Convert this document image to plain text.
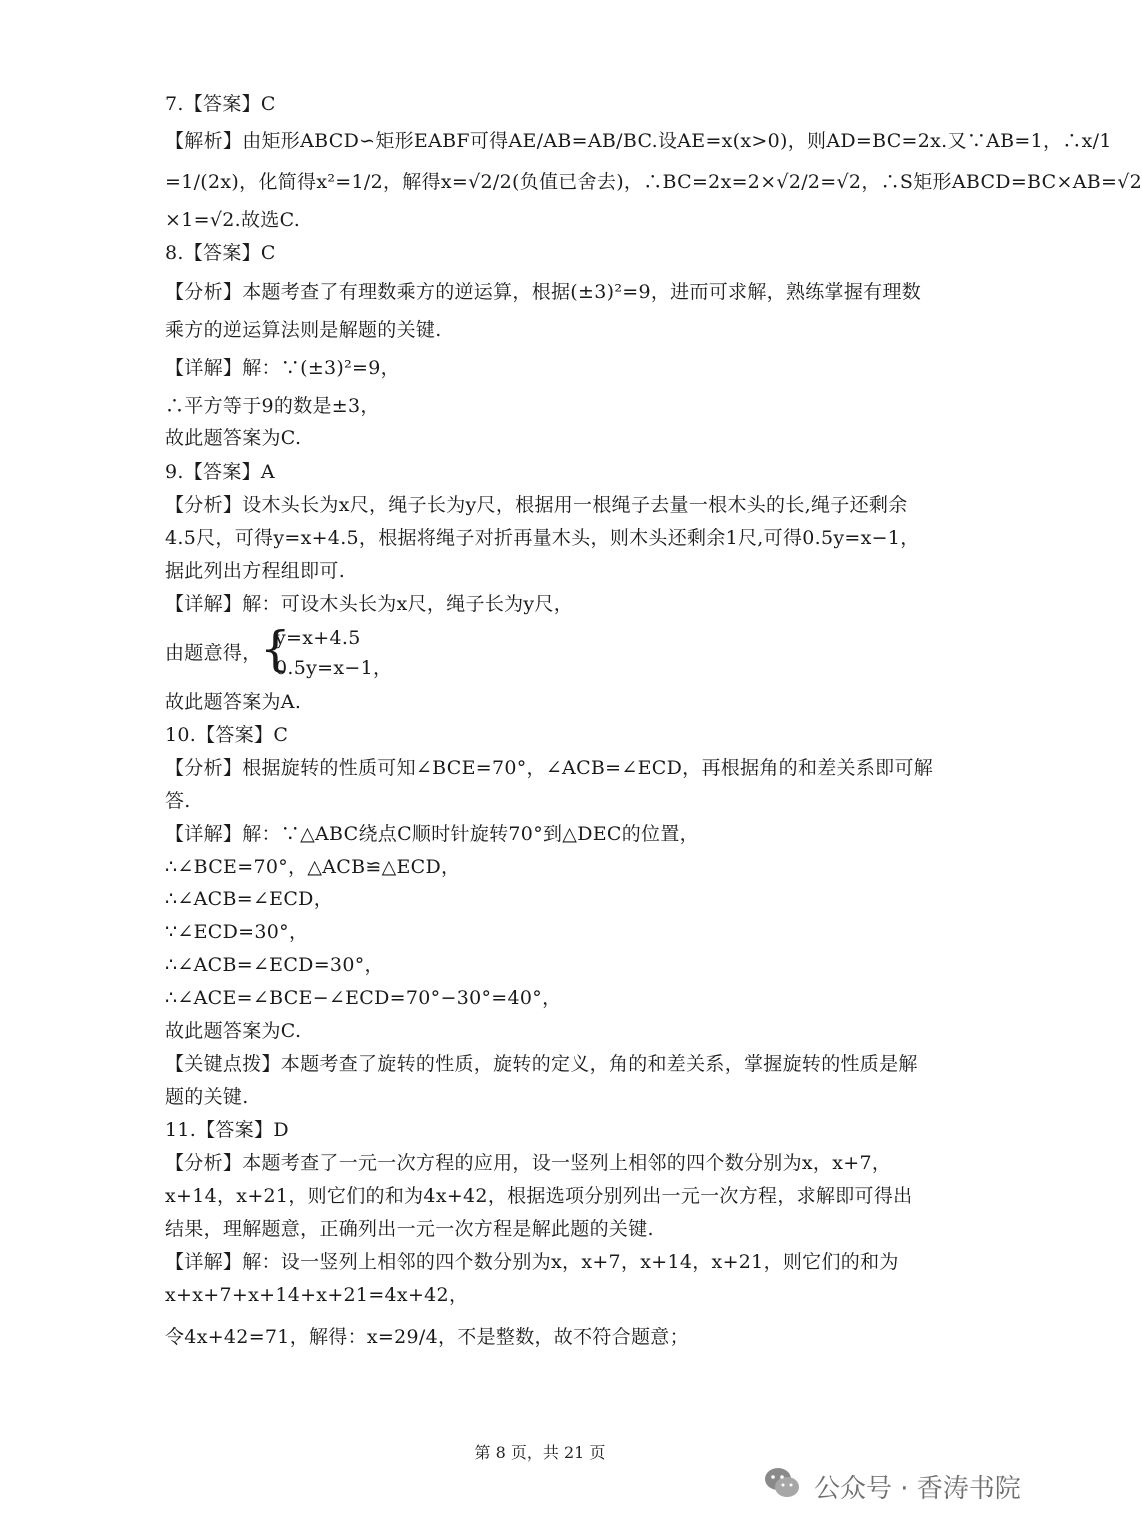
7.【答案】C
【解析】由矩形ABCD∽矩形EABF可得AE/AB=AB/BC.设AE=x(x>0)，则AD=BC=2x.又∵AB=1，∴x/1
=1/(2x)，化简得x²=1/2，解得x=√2/2(负值已舍去)，∴BC=2x=2×√2/2=√2，∴S矩形ABCD=BC×AB=√2
×1=√2.故选C.
8.【答案】C
【分析】本题考查了有理数乘方的逆运算，根据(±3)²=9，进而可求解，熟练掌握有理数
乘方的逆运算法则是解题的关键.
【详解】解：∵(±3)²=9，
∴平方等于9的数是±3，
故此题答案为C.
9.【答案】A
【分析】设木头长为x尺，绳子长为y尺，根据用一根绳子去量一根木头的长,绳子还剩余
4.5尺，可得y=x+4.5，根据将绳子对折再量木头，则木头还剩余1尺,可得0.5y=x−1，
据此列出方程组即可.
【详解】解：可设木头长为x尺，绳子长为y尺，
{
y=x+4.5
由题意得，
0.5y=x−1，
故此题答案为A.
10.【答案】C
【分析】根据旋转的性质可知∠BCE=70°，∠ACB=∠ECD，再根据角的和差关系即可解
答.
【详解】解：∵△ABC绕点C顺时针旋转70°到△DEC的位置，
∴∠BCE=70°，△ACB≌△ECD，
∴∠ACB=∠ECD，
∵∠ECD=30°，
∴∠ACB=∠ECD=30°，
∴∠ACE=∠BCE−∠ECD=70°−30°=40°，
故此题答案为C.
【关键点拨】本题考查了旋转的性质，旋转的定义，角的和差关系，掌握旋转的性质是解
题的关键.
11.【答案】D
【分析】本题考查了一元一次方程的应用，设一竖列上相邻的四个数分别为x，x+7，
x+14，x+21，则它们的和为4x+42，根据选项分别列出一元一次方程，求解即可得出
结果，理解题意，正确列出一元一次方程是解此题的关键.
【详解】解：设一竖列上相邻的四个数分别为x，x+7，x+14，x+21，则它们的和为
x+x+7+x+14+x+21=4x+42，
令4x+42=71，解得：x=29/4，不是整数，故不符合题意；
第 8 页，共 21 页
公众号 · 香涛书院
